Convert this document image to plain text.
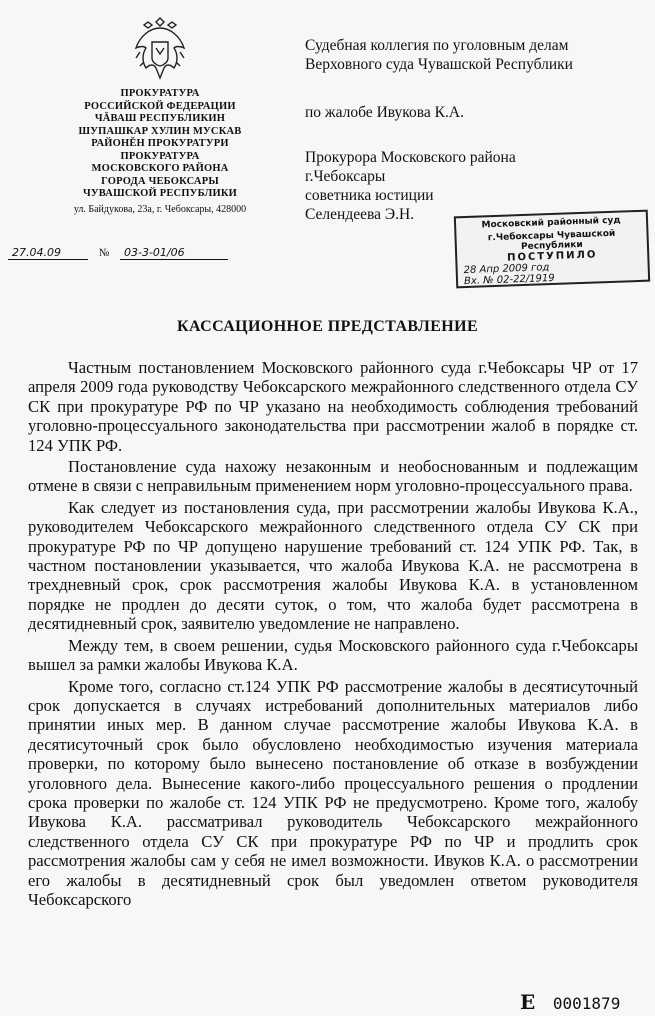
ПРОКУРАТУРА
РОССИЙСКОЙ ФЕДЕРАЦИИ
ЧĂВАШ РЕСПУБЛИКИН
ШУПАШКАР ХУЛИН МУСКАВ
РАЙОНĔН ПРОКУРАТУРИ
ПРОКУРАТУРА
МОСКОВСКОГО РАЙОНА
ГОРОДА ЧЕБОКСАРЫ
ЧУВАШСКОЙ РЕСПУБЛИКИ
ул. Байдукова, 23а, г. Чебоксары, 428000
27.04.09	№ 03-3-01/06
Судебная коллегия по уголовным делам
Верховного суда Чувашской Республики
по жалобе Ивукова К.А.
Прокурора Московского района
г.Чебоксары
советника юстиции
Селендеева Э.Н.
Московский районный суд
г.Чебоксары Чувашской Республики
ПОСТУПИЛО
28 Апр 2009 год
Вх. № 02-22/1919
КАССАЦИОННОЕ ПРЕДСТАВЛЕНИЕ

Частным постановлением Московского районного суда г.Чебоксары ЧР от 17 апреля 2009 года руководству Чебоксарского межрайонного следственного отдела СУ СК при прокуратуре РФ по ЧР указано на необходимость соблюдения требований уголовно-процессуального законодательства при рассмотрении жалоб в порядке ст. 124 УПК РФ.

Постановление суда нахожу незаконным и необоснованным и подлежащим отмене в связи с неправильным применением норм уголовно-процессуального права.

Как следует из постановления суда, при рассмотрении жалобы Ивукова К.А., руководителем Чебоксарского межрайонного следственного отдела СУ СК при прокуратуре РФ по ЧР допущено нарушение требований ст. 124 УПК РФ. Так, в частном постановлении указывается, что жалоба Ивукова К.А. не рассмотрена в трехдневный срок, срок рассмотрения жалобы Ивукова К.А. в установленном порядке не продлен до десяти суток, о том, что жалоба будет рассмотрена в десятидневный срок, заявителю уведомление не направлено.

Между тем, в своем решении, судья Московского районного суда г.Чебоксары вышел за рамки жалобы Ивукова К.А.

Кроме того, согласно ст.124 УПК РФ рассмотрение жалобы в десятисуточный срок допускается в случаях истребований дополнительных материалов либо принятии иных мер. В данном случае рассмотрение жалобы Ивукова К.А. в десятисуточный срок было обусловлено необходимостью изучения материала проверки, по которому было вынесено постановление об отказе в возбуждении уголовного дела. Вынесение какого-либо процессуального решения о продлении срока проверки по жалобе ст. 124 УПК РФ не предусмотрено. Кроме того, жалобу Ивукова К.А. рассматривал руководитель Чебоксарского межрайонного следственного отдела СУ СК при прокуратуре РФ по ЧР и продлить срок рассмотрения жалобы сам у себя не имел возможности. Ивуков К.А. о рассмотрении его жалобы в десятидневный срок был уведомлен ответом руководителя Чебоксарского

Е 0001879
